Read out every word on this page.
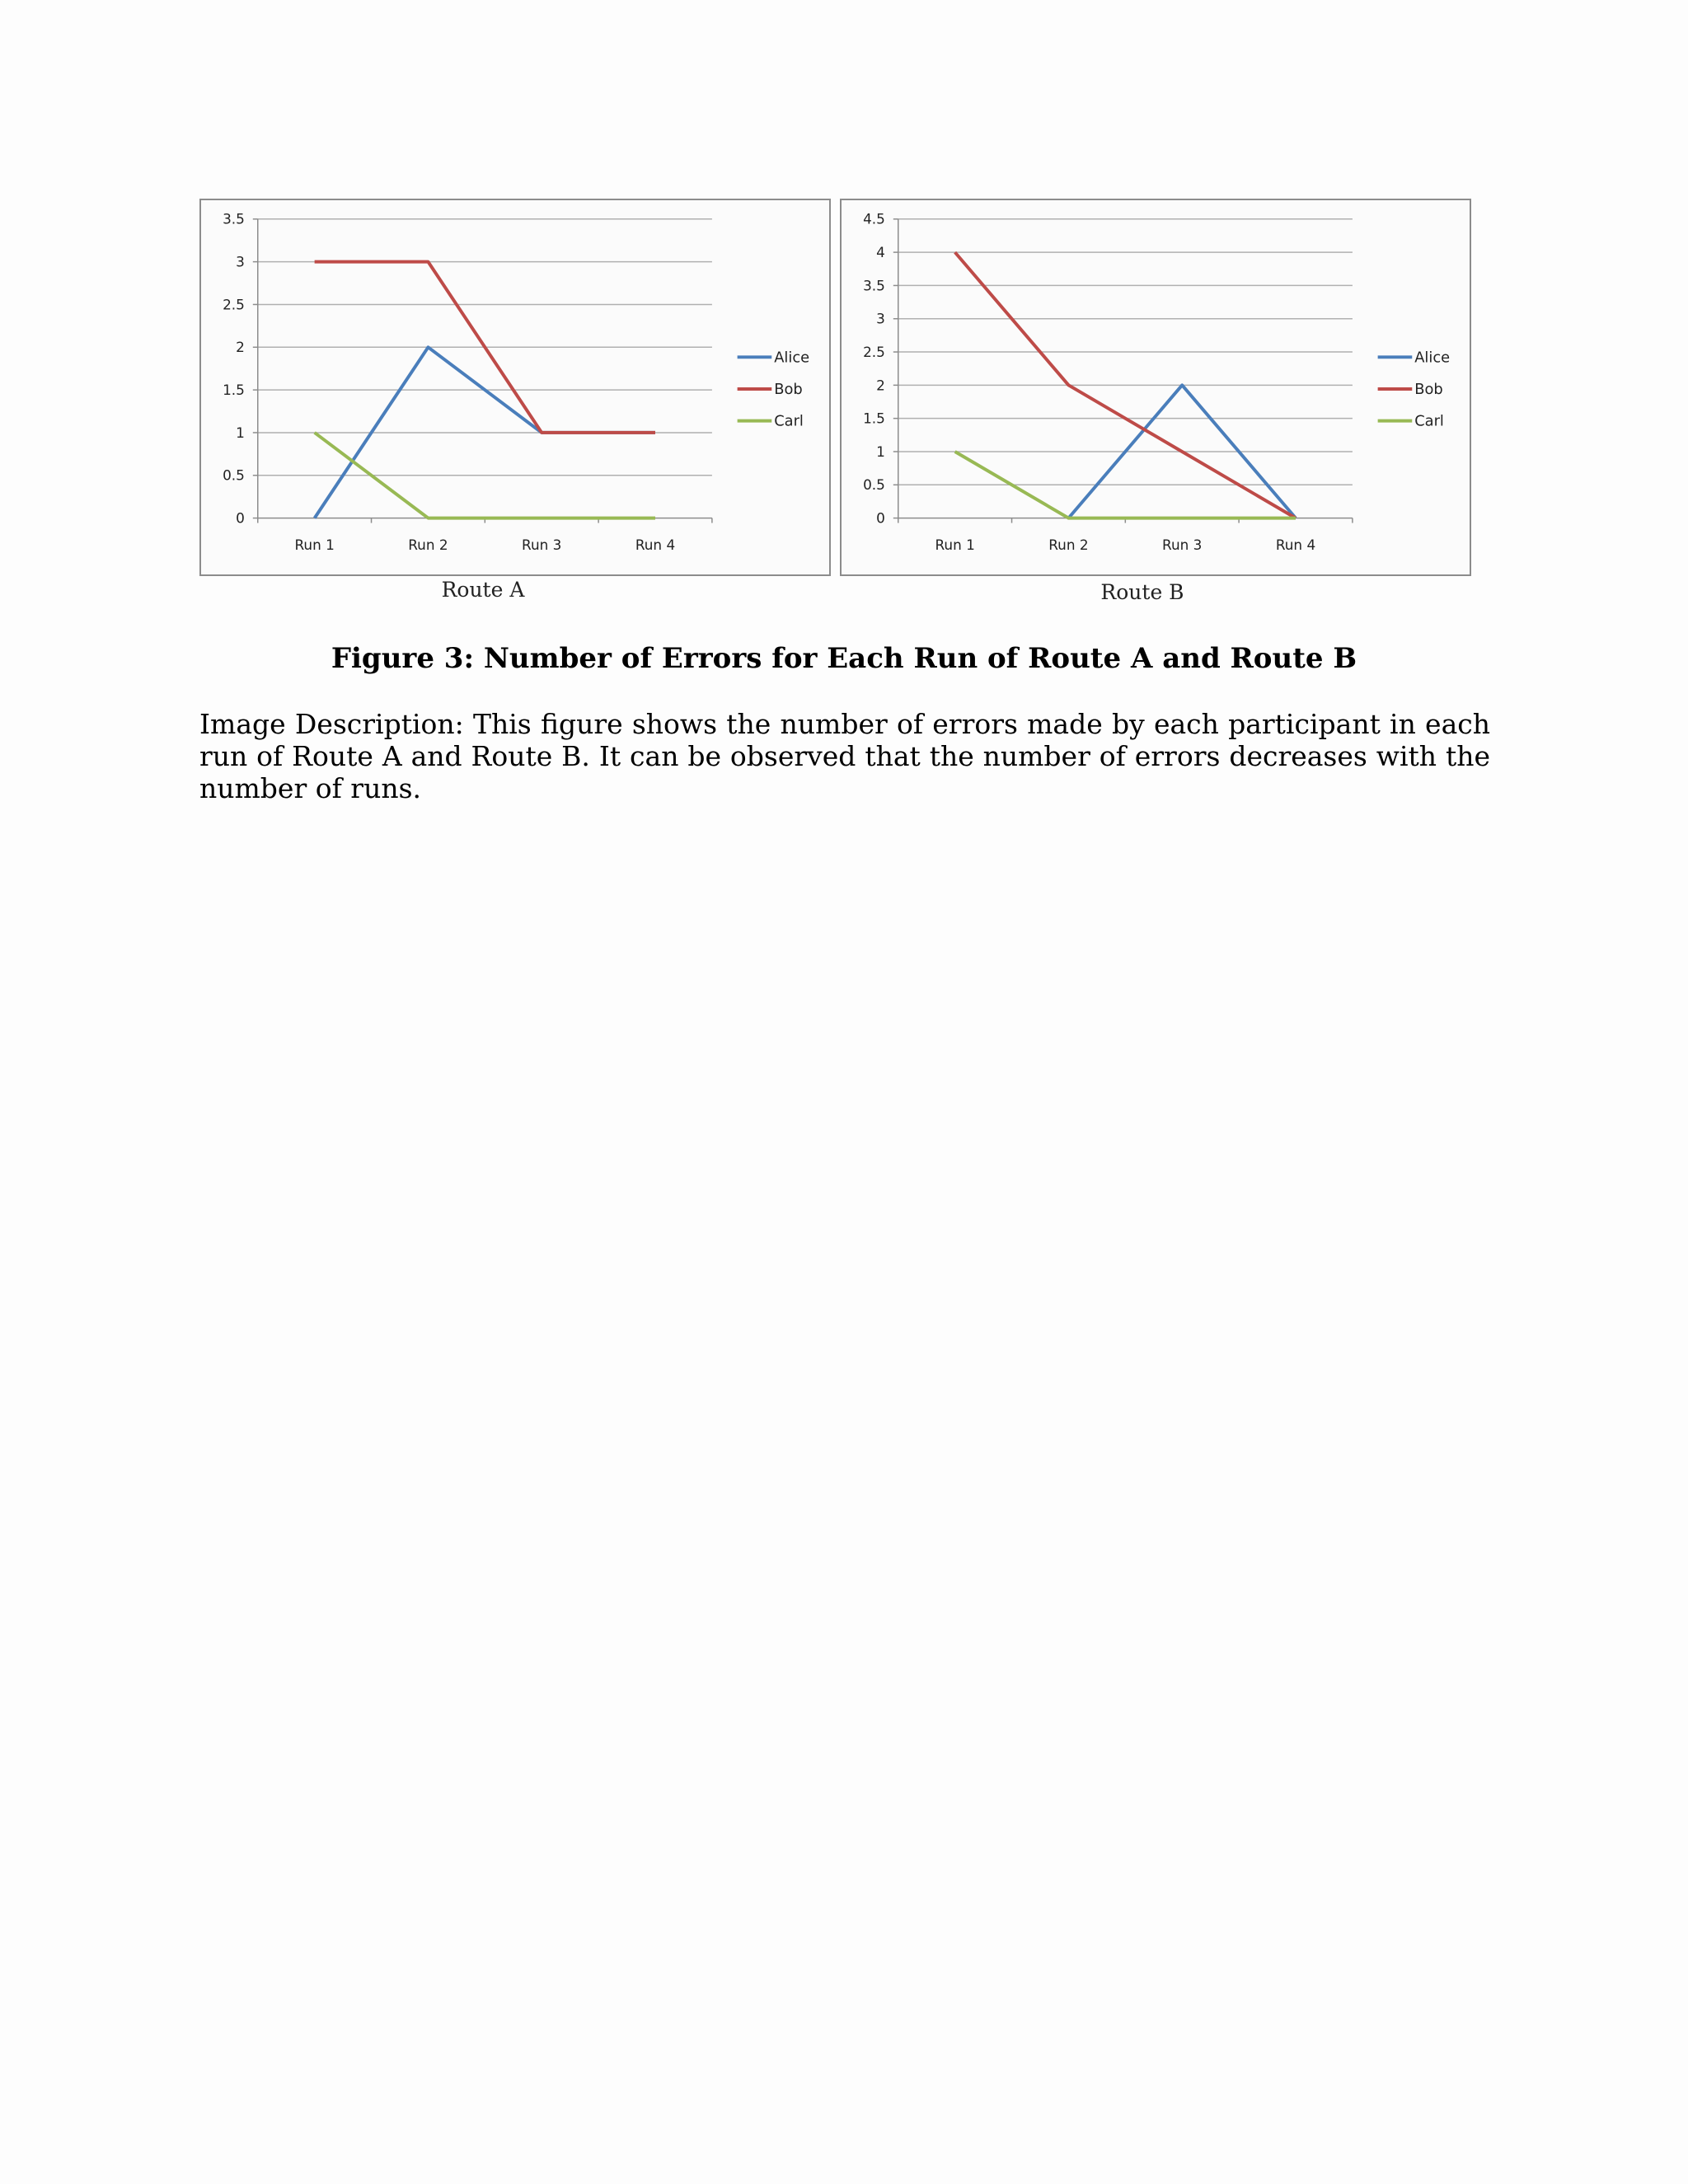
0
0.5
1
1.5
2
2.5
3
3.5
Run 1	Run 2	Run 3	Run 4
Alice
Bob
Carl
Route A
0
0.5
1
1.5
2
2.5
3
3.5
4
4.5
Run 1	Run 2	Run 3	Run 4
Alice
Bob
Carl
Route B
Figure 3: Number of Errors for Each Run of Route A and Route B

Image Description: This figure shows the number of errors made by each participant in each run of Route A and Route B. It can be observed that the number of errors decreases with the number of runs.
